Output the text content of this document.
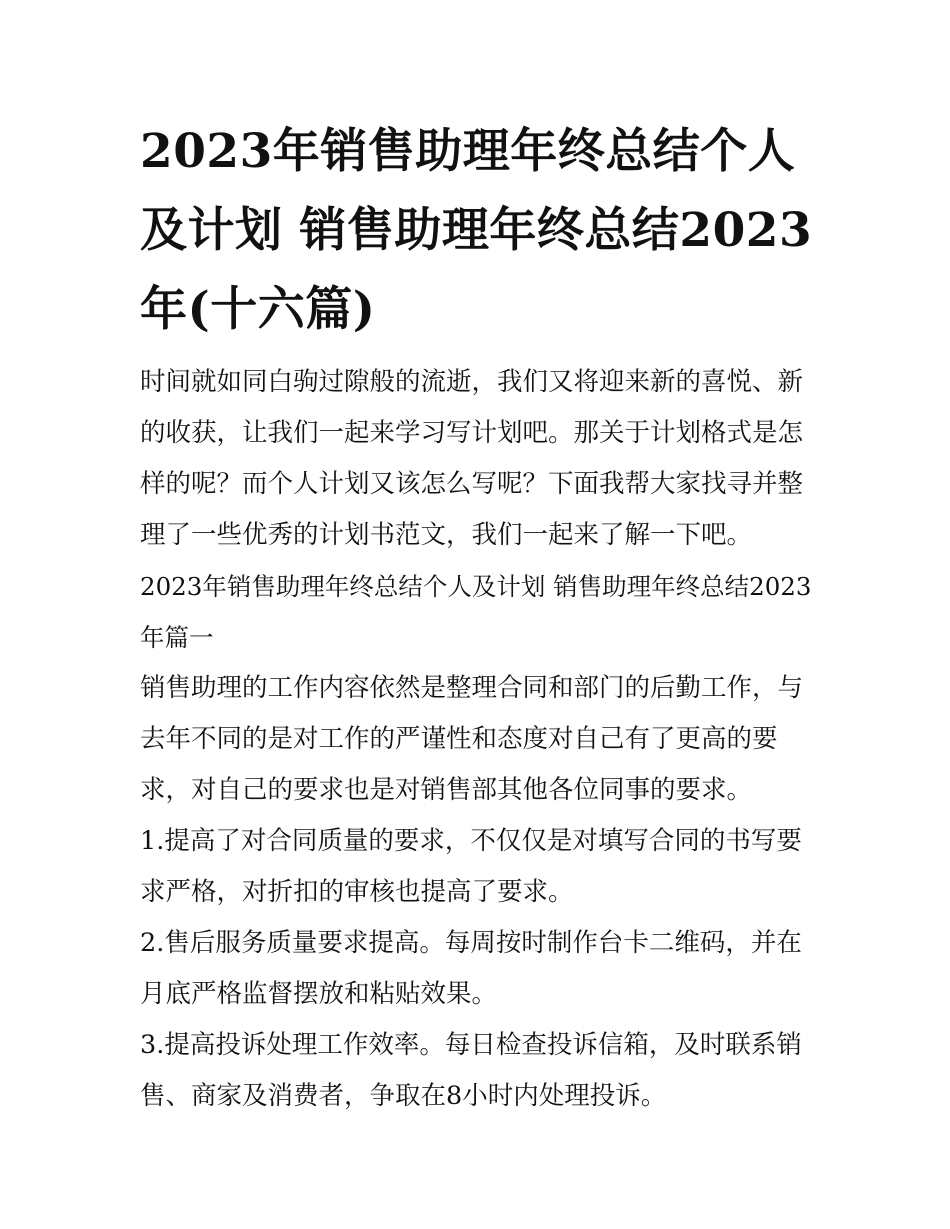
2023年销售助理年终总结个人及计划 销售助理年终总结2023年(十六篇)

时间就如同白驹过隙般的流逝，我们又将迎来新的喜悦、新的收获，让我们一起来学习写计划吧。那关于计划格式是怎样的呢？而个人计划又该怎么写呢？下面我帮大家找寻并整理了一些优秀的计划书范文，我们一起来了解一下吧。

2023年销售助理年终总结个人及计划 销售助理年终总结2023年篇一

销售助理的工作内容依然是整理合同和部门的后勤工作，与去年不同的是对工作的严谨性和态度对自己有了更高的要求，对自己的要求也是对销售部其他各位同事的要求。

1.提高了对合同质量的要求，不仅仅是对填写合同的书写要求严格，对折扣的审核也提高了要求。

2.售后服务质量要求提高。每周按时制作台卡二维码，并在月底严格监督摆放和粘贴效果。

3.提高投诉处理工作效率。每日检查投诉信箱，及时联系销售、商家及消费者，争取在8小时内处理投诉。
